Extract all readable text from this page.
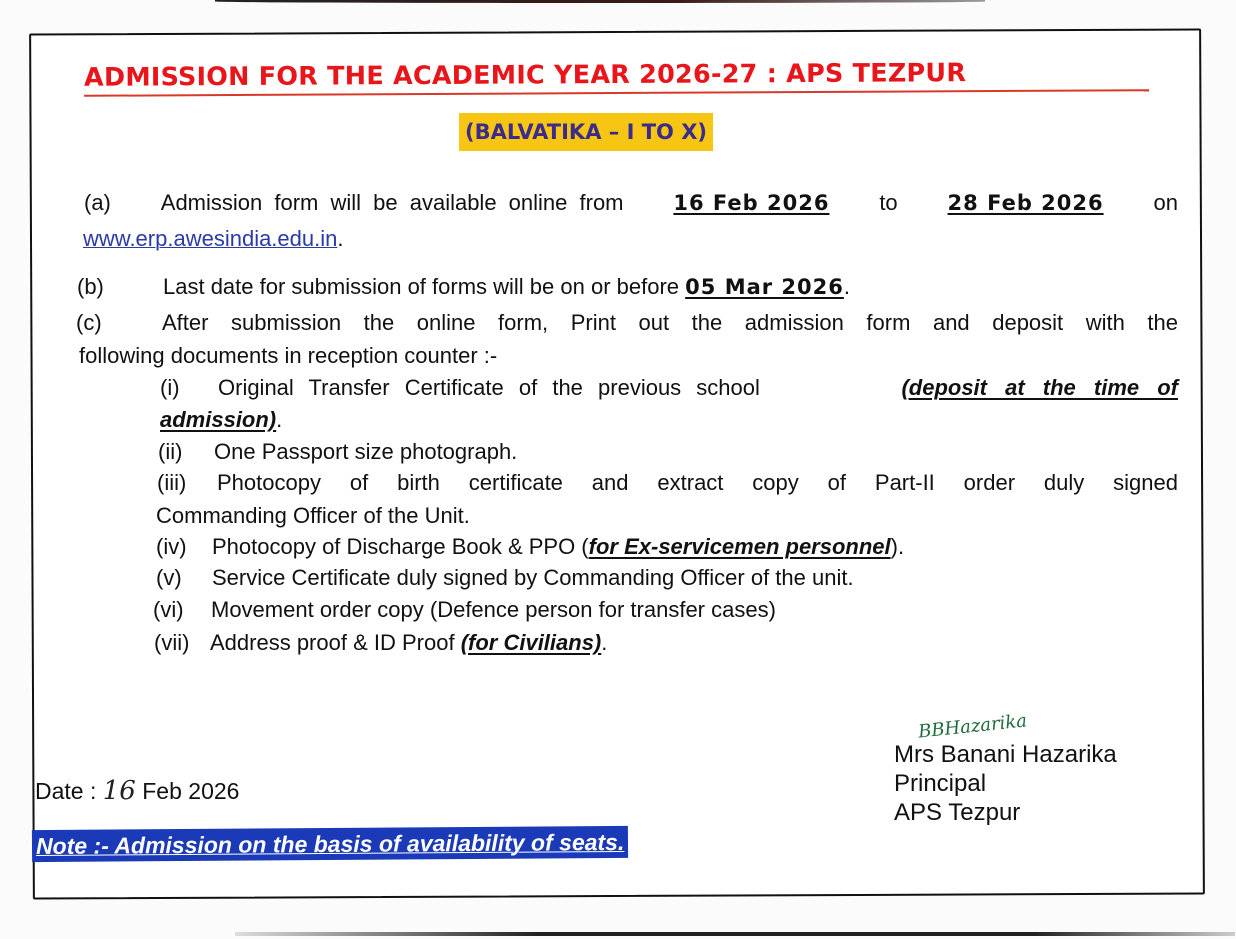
ADMISSION FOR THE ACADEMIC YEAR 2026-27 : APS TEZPUR
(BALVATIKA – I TO X)
(a) Admission form will be available online from 16 Feb 2026 to 28 Feb 2026 on
www.erp.awesindia.edu.in.
(b)	Last date for submission of forms will be on or before 05 Mar 2026.
(c)	After submission the online form, Print out the admission form and deposit with the
following documents in reception counter :-
(i)	Original Transfer Certificate of the previous school	(deposit at the time of
admission).
(ii) One Passport size photograph.
(iii)	Photocopy of birth certificate and extract copy of Part-II order duly signed
Commanding Officer of the Unit.
(iv) Photocopy of Discharge Book & PPO (for Ex-servicemen personnel).
(v) Service Certificate duly signed by Commanding Officer of the unit.
(vi) Movement order copy (Defence person for transfer cases)
(vii) Address proof & ID Proof (for Civilians).
BBHazarika
Mrs Banani Hazarika
Principal
APS Tezpur
Date : 16 Feb 2026
Note :- Admission on the basis of availability of seats.
